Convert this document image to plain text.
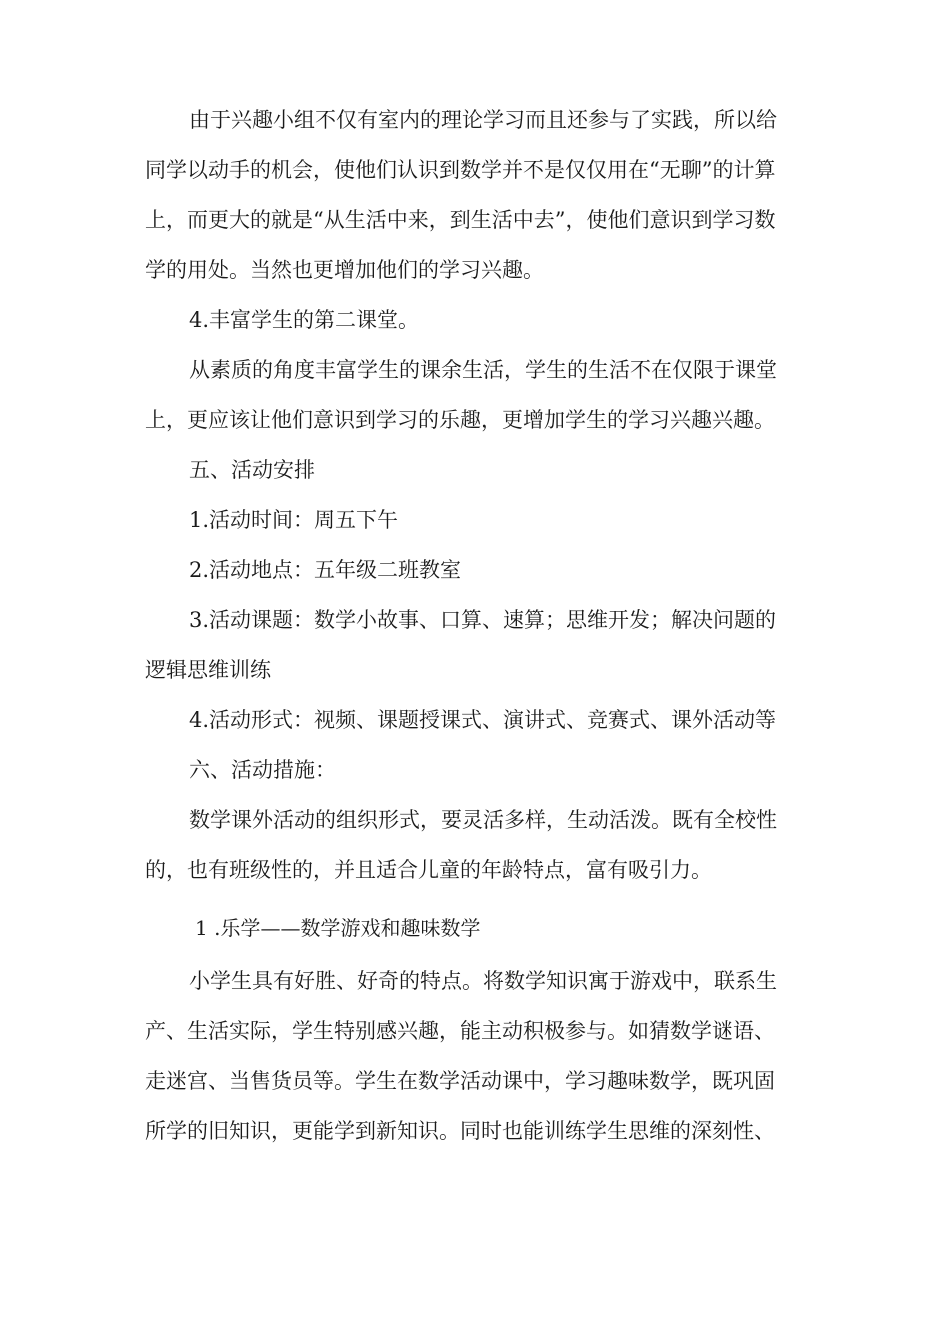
由于兴趣小组不仅有室内的理论学习而且还参与了实践，所以给

同学以动手的机会，使他们认识到数学并不是仅仅用在“无聊”的计算

上，而更大的就是“从生活中来，到生活中去”，使他们意识到学习数

学的用处。当然也更增加他们的学习兴趣。

4.丰富学生的第二课堂。

从素质的角度丰富学生的课余生活，学生的生活不在仅限于课堂

上，更应该让他们意识到学习的乐趣，更增加学生的学习兴趣兴趣。

五、活动安排

1.活动时间：周五下午

2.活动地点：五年级二班教室

3.活动课题：数学小故事、口算、速算；思维开发；解决问题的

逻辑思维训练

4.活动形式：视频、课题授课式、演讲式、竞赛式、课外活动等

六、活动措施：

数学课外活动的组织形式，要灵活多样，生动活泼。既有全校性

的，也有班级性的，并且适合儿童的年龄特点，富有吸引力。

1 .乐学——数学游戏和趣味数学

小学生具有好胜、好奇的特点。将数学知识寓于游戏中，联系生

产、生活实际，学生特别感兴趣，能主动积极参与。如猜数学谜语、

走迷宫、当售货员等。学生在数学活动课中，学习趣味数学，既巩固

所学的旧知识，更能学到新知识。同时也能训练学生思维的深刻性、
